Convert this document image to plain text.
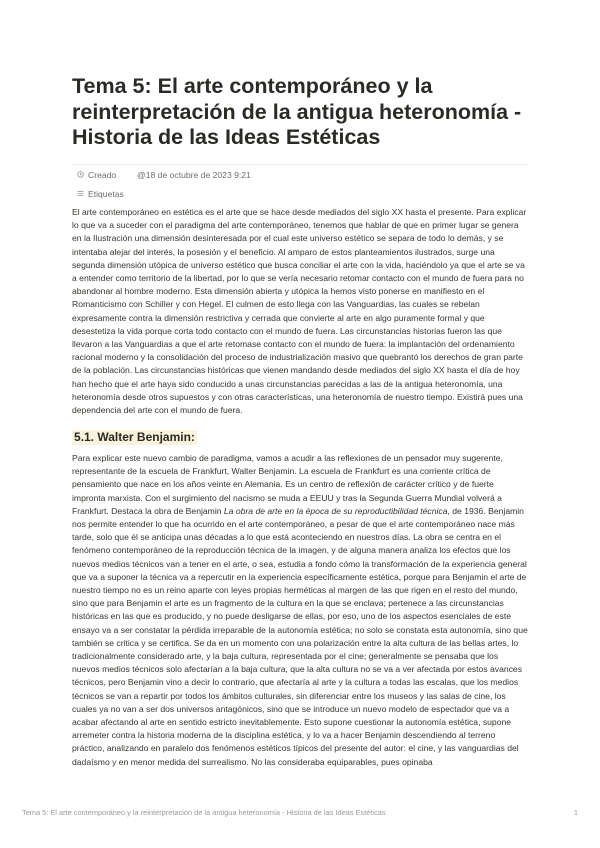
Tema 5: El arte contemporáneo y la reinterpretación de la antigua heteronomía - Historia de las Ideas Estéticas
Creado @18 de octubre de 2023 9:21
Etiquetas

El arte contemporáneo en estética es el arte que se hace desde mediados del siglo XX hasta el presente. Para explicar lo que va a suceder con el paradigma del arte contemporáneo, tenemos que hablar de que en primer lugar se genera en la Ilustración una dimensión desinteresada por el cual este universo estético se separa de todo lo demás, y se intentaba alejar del interés, la posesión y el beneficio. Al amparo de estos planteamientos ilustrados, surge una segunda dimensión utópica de universo estético que busca conciliar el arte con la vida, haciéndolo ya que el arte se va a entender como territorio de la libertad, por lo que se vería necesario retomar contacto con el mundo de fuera para no abandonar al hombre moderno. Esta dimensión abierta y utópica la hemos visto ponerse en manifiesto en el Romanticismo con Schiller y con Hegel. El culmen de esto llega con las Vanguardias, las cuales se rebelan expresamente contra la dimensión restrictiva y cerrada que convierte al arte en algo puramente formal y que desestetiza la vida porque corta todo contacto con el mundo de fuera. Las circunstancias historias fueron las que llevaron a las Vanguardias a que el arte retomase contacto con el mundo de fuera: la implantación del ordenamiento racional moderno y la consolidación del proceso de industrialización masivo que quebrantó los derechos de gran parte de la población. Las circunstancias históricas que vienen mandando desde mediados del siglo XX hasta el día de hoy han hecho que el arte haya sido conducido a unas circunstancias parecidas a las de la antigua heteronomía, una heteronomía desde otros supuestos y con otras características, una heteronomía de nuestro tiempo. Existirá pues una dependencia del arte con el mundo de fuera.

5.1. Walter Benjamin:

Para explicar este nuevo cambio de paradigma, vamos a acudir a las reflexiones de un pensador muy sugerente, representante de la escuela de Frankfurt, Walter Benjamin. La escuela de Frankfurt es una corriente crítica de pensamiento que nace en los años veinte en Alemania. Es un centro de reflexión de carácter crítico y de fuerte impronta marxista. Con el surgimiento del nacismo se muda a EEUU y tras la Segunda Guerra Mundial volverá a Frankfurt. Destaca la obra de Benjamin La obra de arte en la época de su reproductibilidad técnica, de 1936. Benjamin nos permite entender lo que ha ocurrido en el arte contemporáneo, a pesar de que el arte contemporáneo nace más tarde, solo que él se anticipa unas décadas a lo que está aconteciendo en nuestros días. La obra se centra en el fenómeno contemporáneo de la reproducción técnica de la imagen, y de alguna manera analiza los efectos que los nuevos medios técnicos van a tener en el arte, o sea, estudia a fondo cómo la transformación de la experiencia general que va a suponer la técnica va a repercutir en la experiencia específicamente estética, porque para Benjamin el arte de nuestro tiempo no es un reino aparte con leyes propias herméticas al margen de las que rigen en el resto del mundo, sino que para Benjamin el arte es un fragmento de la cultura en la que se enclava; pertenece a las circunstancias históricas en las que es producido, y no puede desligarse de ellas, por eso, uno de los aspectos esenciales de este ensayo va a ser constatar la pérdida irreparable de la autonomía estética; no solo se constata esta autonomía, sino que también se critica y se certifica. Se da en un momento con una polarización entre la alta cultura de las bellas artes, lo tradicionalmente considerado arte, y la baja cultura, representada por el cine; generalmente se pensaba que los nuevos medios técnicos solo afectarían a la baja cultura, que la alta cultura no se va a ver afectada por estos avances técnicos, pero Benjamin vino a decir lo contrario, que afectaría al arte y la cultura a todas las escalas, que los medios técnicos se van a repartir por todos los ámbitos culturales, sin diferenciar entre los museos y las salas de cine, los cuales ya no van a ser dos universos antagónicos, sino que se introduce un nuevo modelo de espectador que va a acabar afectando al arte en sentido estricto inevitablemente. Esto supone cuestionar la autonomía estética, supone arremeter contra la historia moderna de la disciplina estética, y lo va a hacer Benjamin descendiendo al terreno práctico, analizando en paralelo dos fenómenos estéticos típicos del presente del autor: el cine, y las vanguardias del dadaísmo y en menor medida del surrealismo. No las consideraba equiparables, pues opinaba

Tema 5: El arte contemporáneo y la reinterpretación de la antigua heteronomía - Historia de las Ideas Estéticas	1
